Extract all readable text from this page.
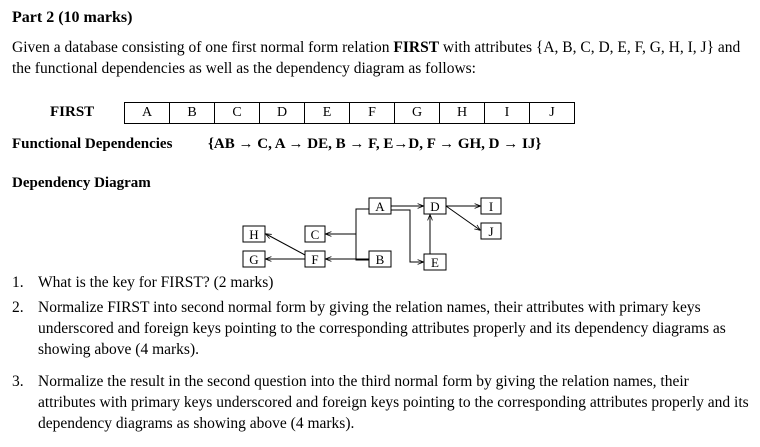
Part 2 (10 marks)
Given a database consisting of one first normal form relation FIRST with attributes {A, B, C, D, E, F, G, H, I, J} and the functional dependencies as well as the dependency diagram as follows:
FIRST	A	B	C	D	E	F	G	H	I	J
Functional Dependencies {AB → C, A → DE, B → F, E→D, F → GH, D → IJ}
Dependency Diagram
A	D	I
J
H	C
G	F	B	E
1. What is the key for FIRST? (2 marks)
2. Normalize FIRST into second normal form by giving the relation names, their attributes with primary keys underscored and foreign keys pointing to the corresponding attributes properly and its dependency diagrams as showing above (4 marks).
3. Normalize the result in the second question into the third normal form by giving the relation names, their attributes with primary keys underscored and foreign keys pointing to the corresponding attributes properly and its dependency diagrams as showing above (4 marks).
